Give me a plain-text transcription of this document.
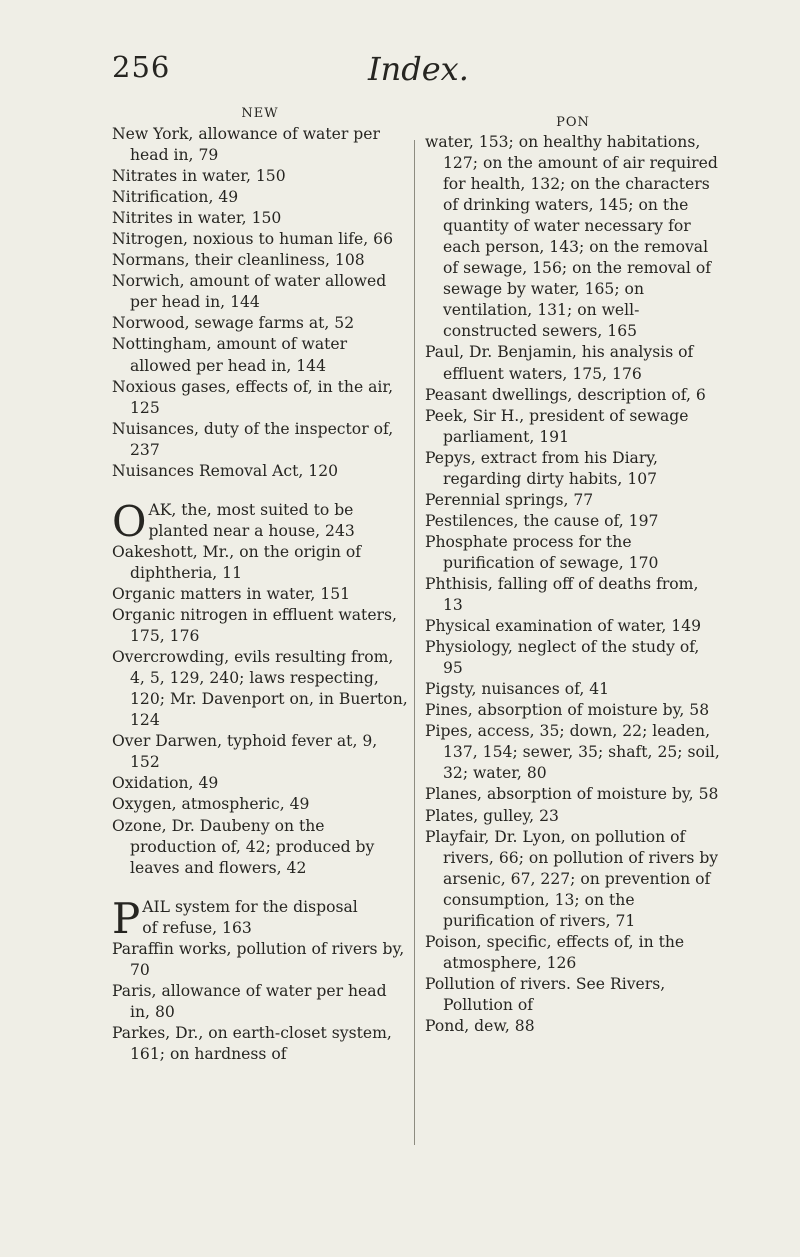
256	Index.
NEW
New York, allowance of water per head in, 79
Nitrates in water, 150
Nitrification, 49
Nitrites in water, 150
Nitrogen, noxious to human life, 66
Normans, their cleanliness, 108
Norwich, amount of water allowed per head in, 144
Norwood, sewage farms at, 52
Nottingham, amount of water allowed per head in, 144
Noxious gases, effects of, in the air, 125
Nuisances, duty of the inspector of, 237
Nuisances Removal Act, 120
O AK, the, most suited to be
planted near a house, 243
Oakeshott, Mr., on the origin of diphtheria, 11
Organic matters in water, 151
Organic nitrogen in effluent waters, 175, 176
Overcrowding, evils resulting from, 4, 5, 129, 240; laws respecting, 120; Mr. Davenport on, in Buerton, 124
Over Darwen, typhoid fever at, 9, 152
Oxidation, 49
Oxygen, atmospheric, 49
Ozone, Dr. Daubeny on the production of, 42; produced by leaves and flowers, 42
P AIL system for the disposal
of refuse, 163
Paraffin works, pollution of rivers by, 70
Paris, allowance of water per head in, 80
Parkes, Dr., on earth-closet system, 161; on hardness of
PON
water, 153; on healthy habitations, 127; on the amount of air required for health, 132; on the characters of drinking waters, 145; on the quantity of water necessary for each person, 143; on the removal of sewage, 156; on the removal of sewage by water, 165; on ventilation, 131; on well-constructed sewers, 165
Paul, Dr. Benjamin, his analysis of effluent waters, 175, 176
Peasant dwellings, description of, 6
Peek, Sir H., president of sewage parliament, 191
Pepys, extract from his Diary, regarding dirty habits, 107
Perennial springs, 77
Pestilences, the cause of, 197
Phosphate process for the purification of sewage, 170
Phthisis, falling off of deaths from, 13
Physical examination of water, 149
Physiology, neglect of the study of, 95
Pigsty, nuisances of, 41
Pines, absorption of moisture by, 58
Pipes, access, 35; down, 22; leaden, 137, 154; sewer, 35; shaft, 25; soil, 32; water, 80
Planes, absorption of moisture by, 58
Plates, gulley, 23
Playfair, Dr. Lyon, on pollution of rivers, 66; on pollution of rivers by arsenic, 67, 227; on prevention of consumption, 13; on the purification of rivers, 71
Poison, specific, effects of, in the atmosphere, 126
Pollution of rivers. See Rivers, Pollution of
Pond, dew, 88
